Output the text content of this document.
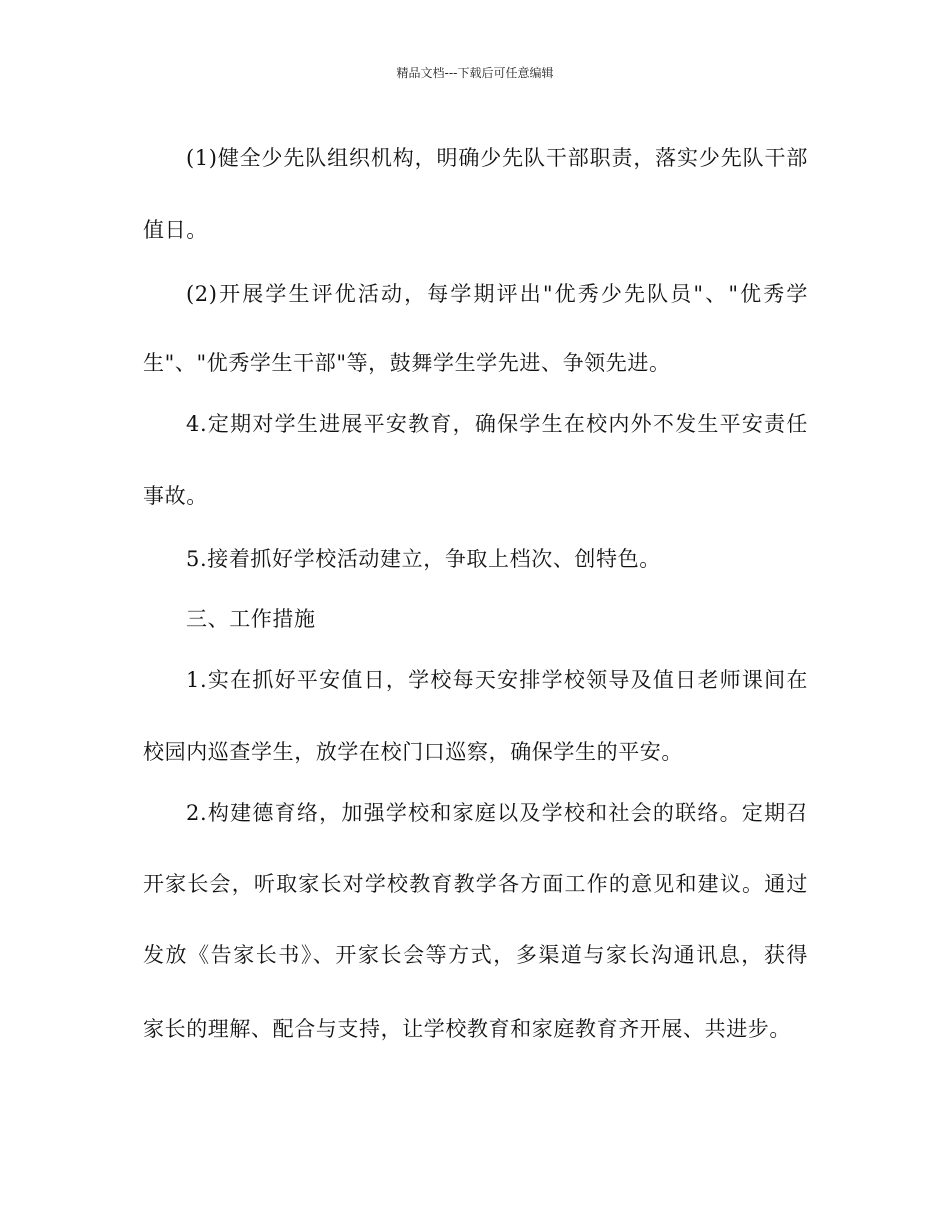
精品文档---下载后可任意编辑
(1)健全少先队组织机构，明确少先队干部职责，落实少先队干部
值日。
(2)开展学生评优活动，每学期评出"优秀少先队员"、"优秀学
生"、"优秀学生干部"等，鼓舞学生学先进、争领先进。
4.定期对学生进展平安教育，确保学生在校内外不发生平安责任
事故。
5.接着抓好学校活动建立，争取上档次、创特色。
三、工作措施
1.实在抓好平安值日，学校每天安排学校领导及值日老师课间在
校园内巡查学生，放学在校门口巡察，确保学生的平安。
2.构建德育络，加强学校和家庭以及学校和社会的联络。定期召
开家长会，听取家长对学校教育教学各方面工作的意见和建议。通过
发放《告家长书》、开家长会等方式，多渠道与家长沟通讯息，获得
家长的理解、配合与支持，让学校教育和家庭教育齐开展、共进步。
